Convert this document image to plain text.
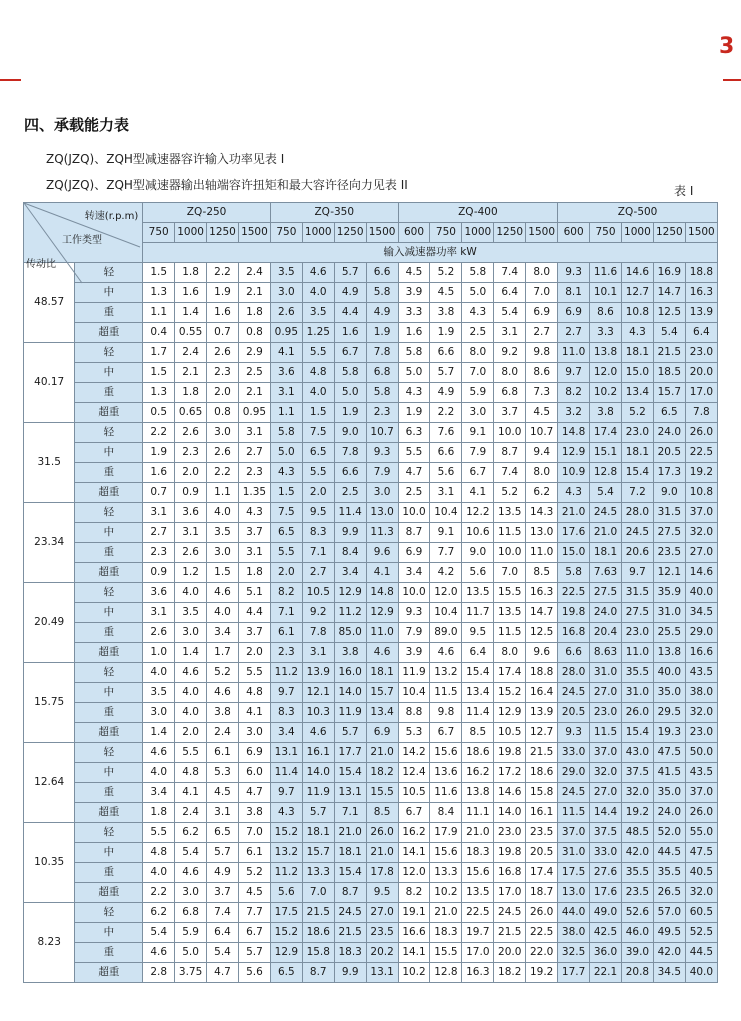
3
四、承载能力表
ZQ(JZQ)、ZQH型减速器容许输入功率见表 I
ZQ(JZQ)、ZQH型减速器输出轴端容许扭矩和最大容许径向力见表 II	表 I
转速(r.p.m)
工作类型
传动比		ZQ-250				ZQ-350				ZQ-400					ZQ-500				
		750	1000	1250	1500	750	1000	1250	1500	600	750	1000	1250	1500	600	750	1000	1250	1500
		输入减速器功率 kW																	
48.57	轻	1.5	1.8	2.2	2.4	3.5	4.6	5.7	6.6	4.5	5.2	5.8	7.4	8.0	9.3	11.6	14.6	16.9	18.8
	中	1.3	1.6	1.9	2.1	3.0	4.0	4.9	5.8	3.9	4.5	5.0	6.4	7.0	8.1	10.1	12.7	14.7	16.3
	重	1.1	1.4	1.6	1.8	2.6	3.5	4.4	4.9	3.3	3.8	4.3	5.4	6.9	6.9	8.6	10.8	12.5	13.9
	超重	0.4	0.55	0.7	0.8	0.95	1.25	1.6	1.9	1.6	1.9	2.5	3.1	2.7	2.7	3.3	4.3	5.4	6.4
40.17	轻	1.7	2.4	2.6	2.9	4.1	5.5	6.7	7.8	5.8	6.6	8.0	9.2	9.8	11.0	13.8	18.1	21.5	23.0
	中	1.5	2.1	2.3	2.5	3.6	4.8	5.8	6.8	5.0	5.7	7.0	8.0	8.6	9.7	12.0	15.0	18.5	20.0
	重	1.3	1.8	2.0	2.1	3.1	4.0	5.0	5.8	4.3	4.9	5.9	6.8	7.3	8.2	10.2	13.4	15.7	17.0
	超重	0.5	0.65	0.8	0.95	1.1	1.5	1.9	2.3	1.9	2.2	3.0	3.7	4.5	3.2	3.8	5.2	6.5	7.8
31.5	轻	2.2	2.6	3.0	3.1	5.8	7.5	9.0	10.7	6.3	7.6	9.1	10.0	10.7	14.8	17.4	23.0	24.0	26.0
	中	1.9	2.3	2.6	2.7	5.0	6.5	7.8	9.3	5.5	6.6	7.9	8.7	9.4	12.9	15.1	18.1	20.5	22.5
	重	1.6	2.0	2.2	2.3	4.3	5.5	6.6	7.9	4.7	5.6	6.7	7.4	8.0	10.9	12.8	15.4	17.3	19.2
	超重	0.7	0.9	1.1	1.35	1.5	2.0	2.5	3.0	2.5	3.1	4.1	5.2	6.2	4.3	5.4	7.2	9.0	10.8
23.34	轻	3.1	3.6	4.0	4.3	7.5	9.5	11.4	13.0	10.0	10.4	12.2	13.5	14.3	21.0	24.5	28.0	31.5	37.0
	中	2.7	3.1	3.5	3.7	6.5	8.3	9.9	11.3	8.7	9.1	10.6	11.5	13.0	17.6	21.0	24.5	27.5	32.0
	重	2.3	2.6	3.0	3.1	5.5	7.1	8.4	9.6	6.9	7.7	9.0	10.0	11.0	15.0	18.1	20.6	23.5	27.0
	超重	0.9	1.2	1.5	1.8	2.0	2.7	3.4	4.1	3.4	4.2	5.6	7.0	8.5	5.8	7.63	9.7	12.1	14.6
20.49	轻	3.6	4.0	4.6	5.1	8.2	10.5	12.9	14.8	10.0	12.0	13.5	15.5	16.3	22.5	27.5	31.5	35.9	40.0
	中	3.1	3.5	4.0	4.4	7.1	9.2	11.2	12.9	9.3	10.4	11.7	13.5	14.7	19.8	24.0	27.5	31.0	34.5
	重	2.6	3.0	3.4	3.7	6.1	7.8	85.0	11.0	7.9	89.0	9.5	11.5	12.5	16.8	20.4	23.0	25.5	29.0
	超重	1.0	1.4	1.7	2.0	2.3	3.1	3.8	4.6	3.9	4.6	6.4	8.0	9.6	6.6	8.63	11.0	13.8	16.6
15.75	轻	4.0	4.6	5.2	5.5	11.2	13.9	16.0	18.1	11.9	13.2	15.4	17.4	18.8	28.0	31.0	35.5	40.0	43.5
	中	3.5	4.0	4.6	4.8	9.7	12.1	14.0	15.7	10.4	11.5	13.4	15.2	16.4	24.5	27.0	31.0	35.0	38.0
	重	3.0	4.0	3.8	4.1	8.3	10.3	11.9	13.4	8.8	9.8	11.4	12.9	13.9	20.5	23.0	26.0	29.5	32.0
	超重	1.4	2.0	2.4	3.0	3.4	4.6	5.7	6.9	5.3	6.7	8.5	10.5	12.7	9.3	11.5	15.4	19.3	23.0
12.64	轻	4.6	5.5	6.1	6.9	13.1	16.1	17.7	21.0	14.2	15.6	18.6	19.8	21.5	33.0	37.0	43.0	47.5	50.0
	中	4.0	4.8	5.3	6.0	11.4	14.0	15.4	18.2	12.4	13.6	16.2	17.2	18.6	29.0	32.0	37.5	41.5	43.5
	重	3.4	4.1	4.5	4.7	9.7	11.9	13.1	15.5	10.5	11.6	13.8	14.6	15.8	24.5	27.0	32.0	35.0	37.0
	超重	1.8	2.4	3.1	3.8	4.3	5.7	7.1	8.5	6.7	8.4	11.1	14.0	16.1	11.5	14.4	19.2	24.0	26.0
10.35	轻	5.5	6.2	6.5	7.0	15.2	18.1	21.0	26.0	16.2	17.9	21.0	23.0	23.5	37.0	37.5	48.5	52.0	55.0
	中	4.8	5.4	5.7	6.1	13.2	15.7	18.1	21.0	14.1	15.6	18.3	19.8	20.5	31.0	33.0	42.0	44.5	47.5
	重	4.0	4.6	4.9	5.2	11.2	13.3	15.4	17.8	12.0	13.3	15.6	16.8	17.4	17.5	27.6	35.5	35.5	40.5
	超重	2.2	3.0	3.7	4.5	5.6	7.0	8.7	9.5	8.2	10.2	13.5	17.0	18.7	13.0	17.6	23.5	26.5	32.0
8.23	轻	6.2	6.8	7.4	7.7	17.5	21.5	24.5	27.0	19.1	21.0	22.5	24.5	26.0	44.0	49.0	52.6	57.0	60.5
	中	5.4	5.9	6.4	6.7	15.2	18.6	21.5	23.5	16.6	18.3	19.7	21.5	22.5	38.0	42.5	46.0	49.5	52.5
	重	4.6	5.0	5.4	5.7	12.9	15.8	18.3	20.2	14.1	15.5	17.0	20.0	22.0	32.5	36.0	39.0	42.0	44.5
	超重	2.8	3.75	4.7	5.6	6.5	8.7	9.9	13.1	10.2	12.8	16.3	18.2	19.2	17.7	22.1	20.8	34.5	40.0
